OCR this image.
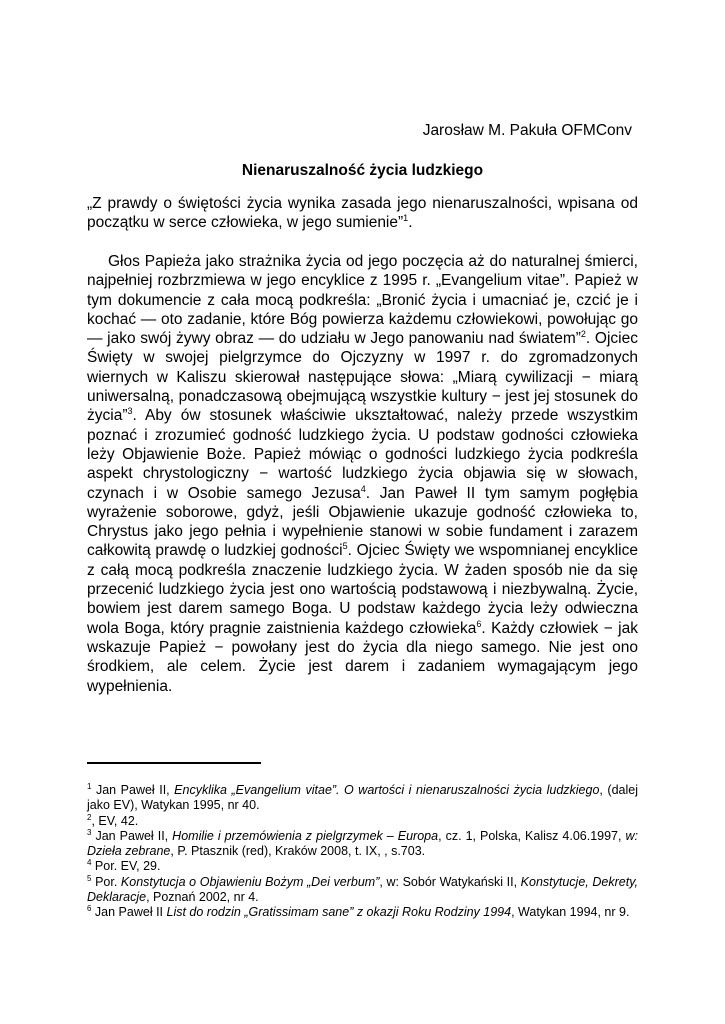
Jarosław M. Pakuła OFMConv
Nienaruszalność życia ludzkiego
„Z prawdy o świętości życia wynika zasada jego nienaruszalności, wpisana od początku w serce człowieka, w jego sumienie”$^1$.
Głos Papieża jako strażnika życia od jego poczęcia aż do naturalnej śmierci, najpełniej rozbrzmiewa w jego encyklice z 1995 r. „Evangelium vitae”. Papież w tym dokumencie z cała mocą podkreśla: „Bronić życia i umacniać je, czcić je i kochać — oto zadanie, które Bóg powierza każdemu człowiekowi, powołując go — jako swój żywy obraz — do udziału w Jego panowaniu nad światem”$^2$. Ojciec Święty w swojej pielgrzymce do Ojczyzny w 1997 r. do zgromadzonych wiernych w Kaliszu skierował następujące słowa: „Miarą cywilizacji − miarą uniwersalną, ponadczasową obejmującą wszystkie kultury − jest jej stosunek do życia”$^3$. Aby ów stosunek właściwie ukształtować, należy przede wszystkim poznać i zrozumieć godność ludzkiego życia. U podstaw godności człowieka leży Objawienie Boże. Papież mówiąc o godności ludzkiego życia podkreśla aspekt chrystologiczny − wartość ludzkiego życia objawia się w słowach, czynach i w Osobie samego Jezusa$^4$. Jan Paweł II tym samym pogłębia wyrażenie soborowe, gdyż, jeśli Objawienie ukazuje godność człowieka to, Chrystus jako jego pełnia i wypełnienie stanowi w sobie fundament i zarazem całkowitą prawdę o ludzkiej godności$^5$. Ojciec Święty we wspomnianej encyklice z całą mocą podkreśla znaczenie ludzkiego życia. W żaden sposób nie da się przecenić ludzkiego życia jest ono wartością podstawową i niezbywalną. Życie, bowiem jest darem samego Boga. U podstaw każdego życia leży odwieczna wola Boga, który pragnie zaistnienia każdego człowieka$^6$. Każdy człowiek − jak wskazuje Papież − powołany jest do życia dla niego samego. Nie jest ono środkiem, ale celem. Życie jest darem i zadaniem wymagającym jego wypełnienia.

$^1$ Jan Paweł II, Encyklika „Evangelium vitae”. O wartości i nienaruszalności życia ludzkiego, (dalej jako EV), Watykan 1995, nr 40.

$^2$, EV, 42.

$^3$ Jan Paweł II, Homilie i przemówienia z pielgrzymek – Europa, cz. 1, Polska, Kalisz 4.06.1997, w: Dzieła zebrane, P. Ptasznik (red), Kraków 2008, t. IX, , s.703.

$^4$ Por. EV, 29.

$^5$ Por. Konstytucja o Objawieniu Bożym „Dei verbum”, w: Sobór Watykański II, Konstytucje, Dekrety, Deklaracje, Poznań 2002, nr 4.

$^6$ Jan Paweł II List do rodzin „Gratissimam sane” z okazji Roku Rodziny 1994, Watykan 1994, nr 9.
